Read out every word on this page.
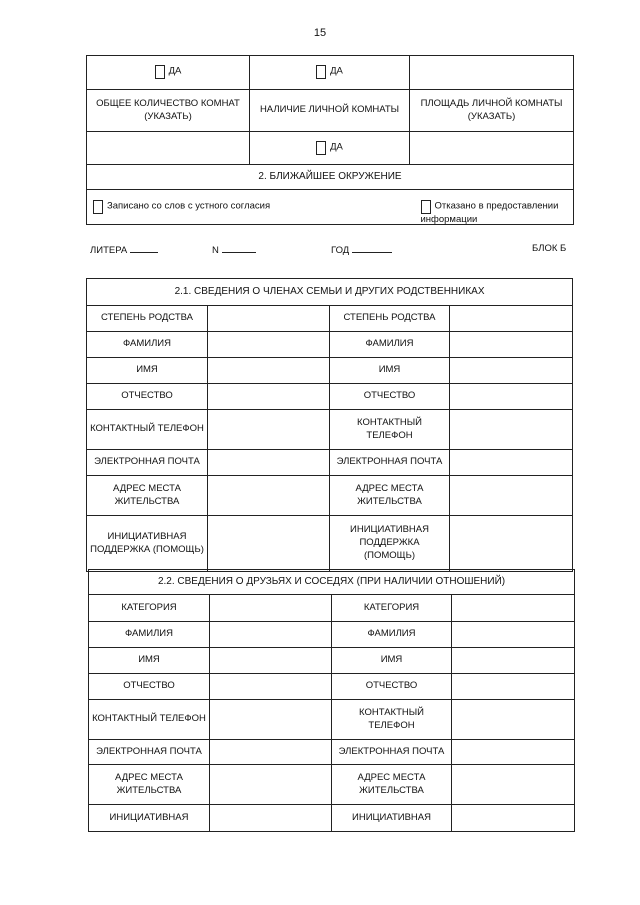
15
ДА	ДА	
ОБЩЕЕ КОЛИЧЕСТВО КОМНАТ (УКАЗАТЬ)	НАЛИЧИЕ ЛИЧНОЙ КОМНАТЫ	ПЛОЩАДЬ ЛИЧНОЙ КОМНАТЫ (УКАЗАТЬ)
	ДА	
2. БЛИЖАЙШЕЕ ОКРУЖЕНИЕ		
Записано со слов с устного согласия Отказано в предоставлении информации		
ЛИТЕРА	N	ГОД	БЛОК Б
2.1. СВЕДЕНИЯ О ЧЛЕНАХ СЕМЬИ И ДРУГИХ РОДСТВЕННИКАХ			
СТЕПЕНЬ РОДСТВА		СТЕПЕНЬ РОДСТВА	
ФАМИЛИЯ		ФАМИЛИЯ	
ИМЯ		ИМЯ	
ОТЧЕСТВО		ОТЧЕСТВО	
КОНТАКТНЫЙ ТЕЛЕФОН		КОНТАКТНЫЙ ТЕЛЕФОН	
ЭЛЕКТРОННАЯ ПОЧТА		ЭЛЕКТРОННАЯ ПОЧТА	
АДРЕС МЕСТА ЖИТЕЛЬСТВА		АДРЕС МЕСТА ЖИТЕЛЬСТВА	
ИНИЦИАТИВНАЯ ПОДДЕРЖКА (ПОМОЩЬ)		ИНИЦИАТИВНАЯ ПОДДЕРЖКА (ПОМОЩЬ)	
2.2. СВЕДЕНИЯ О ДРУЗЬЯХ И СОСЕДЯХ (ПРИ НАЛИЧИИ ОТНОШЕНИЙ)			
КАТЕГОРИЯ		КАТЕГОРИЯ	
ФАМИЛИЯ		ФАМИЛИЯ	
ИМЯ		ИМЯ	
ОТЧЕСТВО		ОТЧЕСТВО	
КОНТАКТНЫЙ ТЕЛЕФОН		КОНТАКТНЫЙ ТЕЛЕФОН	
ЭЛЕКТРОННАЯ ПОЧТА		ЭЛЕКТРОННАЯ ПОЧТА	
АДРЕС МЕСТА ЖИТЕЛЬСТВА		АДРЕС МЕСТА ЖИТЕЛЬСТВА	
ИНИЦИАТИВНАЯ		ИНИЦИАТИВНАЯ	
